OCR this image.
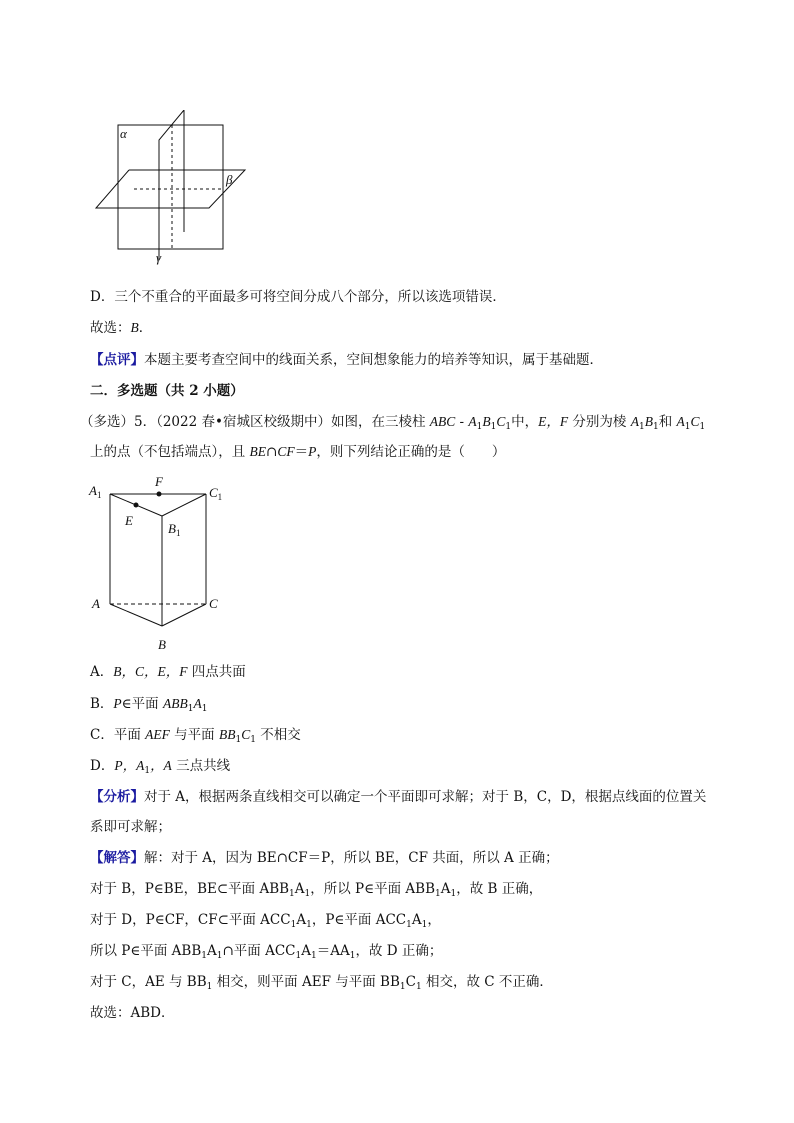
α
β
γ
D．三个不重合的平面最多可将空间分成八个部分，所以该选项错误．
故选：B．
【点评】本题主要考查空间中的线面关系，空间想象能力的培养等知识，属于基础题．
二．多选题（共 2 小题）
（多选）5．（2022 春•宿城区校级期中）如图，在三棱柱 ABC - $A_1B_1C_1$中，E，F 分别为棱 $A_1B_1$和 $A_1C_1$
上的点（不包括端点），且 BE∩CF＝P，则下列结论正确的是（　　）
$A_1$
F
$C_1$
E
$B_1$
A	C
B
A．B，C，E，F 四点共面
B．P∈平面 $ABB_1A_1$
C．平面 AEF 与平面 $BB_1C_1$ 不相交
D．P，$A_1$，A 三点共线
【分析】对于 A，根据两条直线相交可以确定一个平面即可求解；对于 B，C，D，根据点线面的位置关
系即可求解；
【解答】解：对于 A，因为 BE∩CF＝P，所以 BE，CF 共面，所以 A 正确；
对于 B，P∈BE，BE⊂平面 $ABB_1A_1$，所以 P∈平面 $ABB_1A_1$，故 B 正确，
对于 D，P∈CF，CF⊂平面 $ACC_1A_1$，P∈平面 $ACC_1A_1$，
所以 P∈平面 $ABB_1A_1\cap$平面 $ACC_1A_1=AA_1$，故 D 正确；
对于 C，AE 与 $BB_1$ 相交，则平面 AEF 与平面 $BB_1C_1$ 相交，故 C 不正确．
故选：ABD．
